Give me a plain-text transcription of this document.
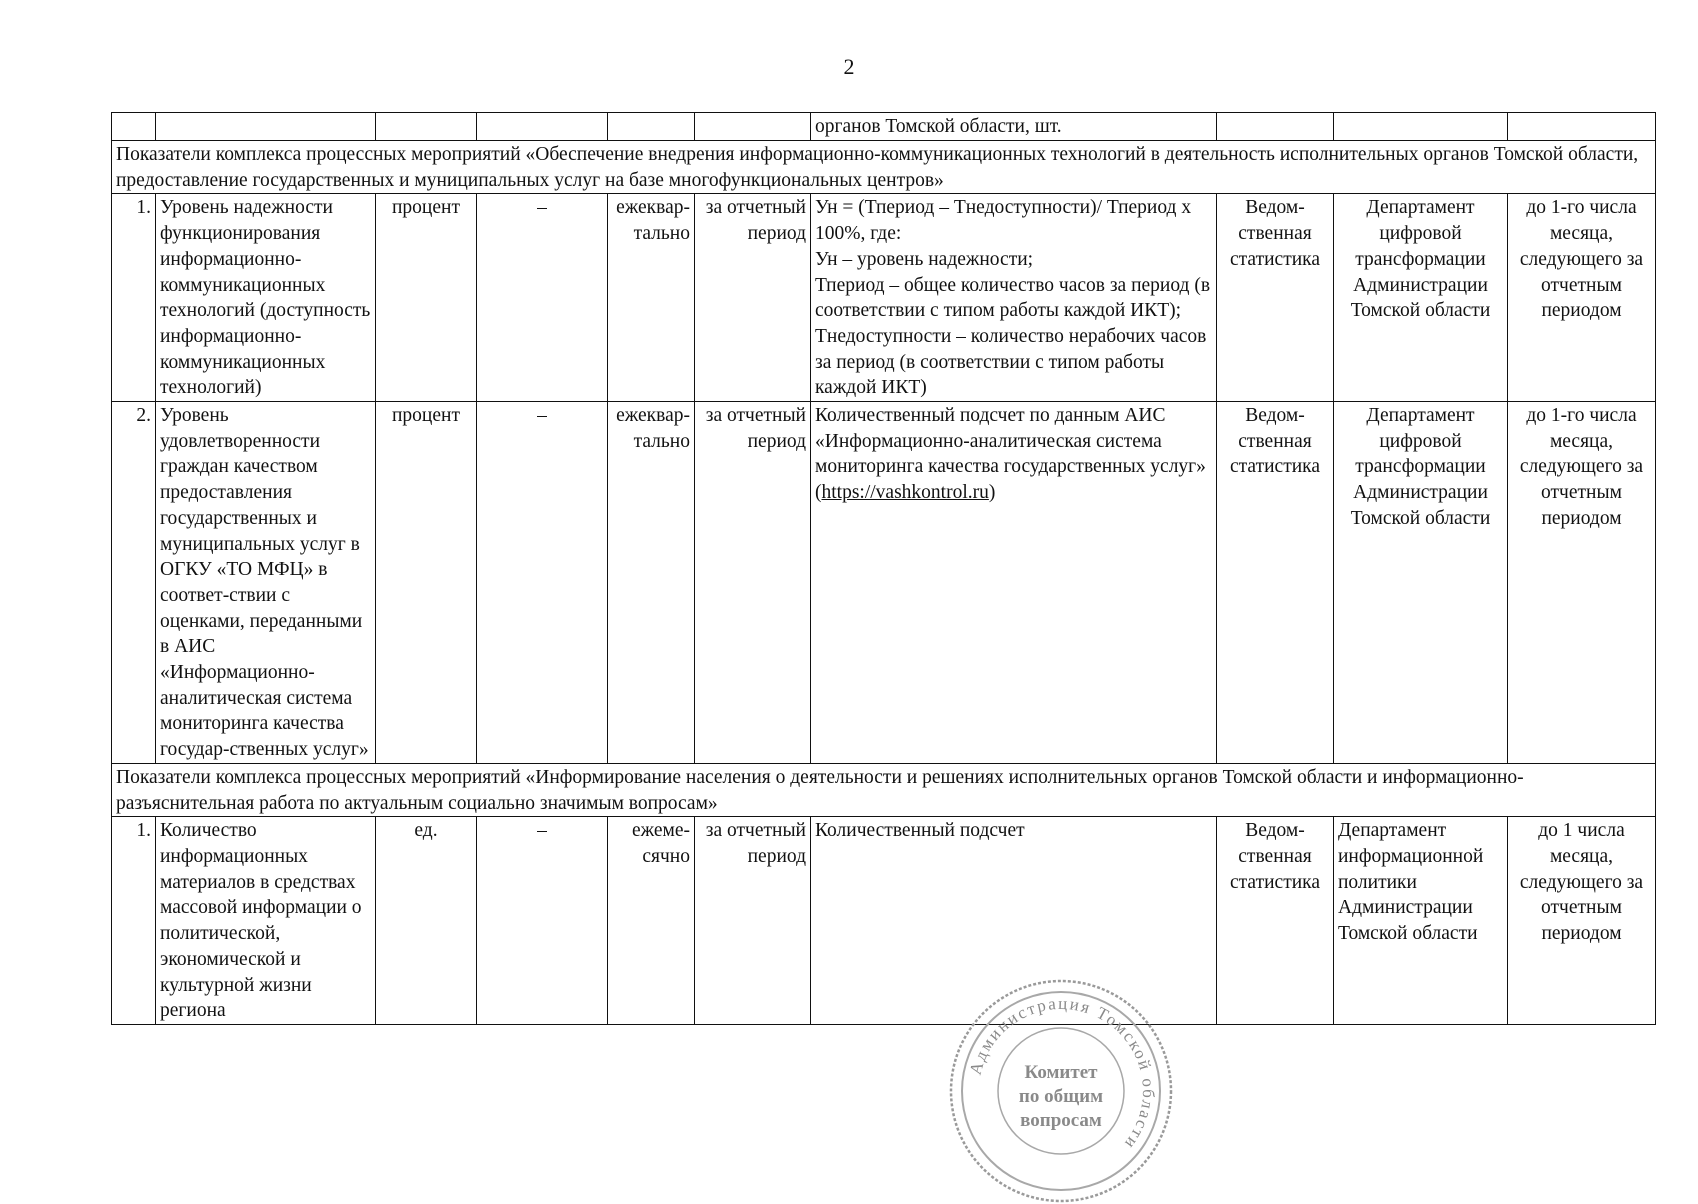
2
						органов Томской области, шт.			
Показатели комплекса процессных мероприятий «Обеспечение внедрения информационно-коммуникационных технологий в деятельность исполнительных органов Томской области, предоставление государственных и муниципальных услуг на базе многофункциональных центров»									
1.	Уровень надежности функционирования информационно-коммуникационных технологий (доступность информационно-коммуникационных технологий)	процент	–	ежеквар-тально	за отчетный период	Ун = (Тпериод – Тнедоступности)/ Тпериод x 100%, где:
Ун – уровень надежности;
Тпериод – общее количество часов за период (в соответствии с типом работы каждой ИКТ);
Тнедоступности – количество нерабочих часов за период (в соответствии с типом работы каждой ИКТ)	Ведом-ственная статистика	Департамент цифровой трансформации Администрации Томской области	до 1-го числа месяца, следующего за отчетным периодом
2.	Уровень удовлетворенности граждан качеством предоставления государственных и муниципальных услуг в ОГКУ «ТО МФЦ» в соответ-ствии с оценками, переданными в АИС «Информационно-аналитическая система мониторинга качества государ-ственных услуг»	процент	–	ежеквар-тально	за отчетный период	Количественный подсчет по данным АИС «Информационно-аналитическая система мониторинга качества государственных услуг» (https://vashkontrol.ru)	Ведом-ственная статистика	Департамент цифровой трансформации Администрации Томской области	до 1-го числа месяца, следующего за отчетным периодом
Показатели комплекса процессных мероприятий «Информирование населения о деятельности и решениях исполнительных органов Томской области и информационно-разъяснительная работа по актуальным социально значимым вопросам»									
1.	Количество информационных материалов в средствах массовой информации о политической, экономической и культурной жизни региона	ед.	–	ежеме-сячно	за отчетный период	Количественный подсчет	Ведом-ственная статистика	Департамент информационной политики Администрации Томской области	до 1 числа месяца, следующего за отчетным периодом
Администрация Томской области
Комитет
по общим
вопросам
